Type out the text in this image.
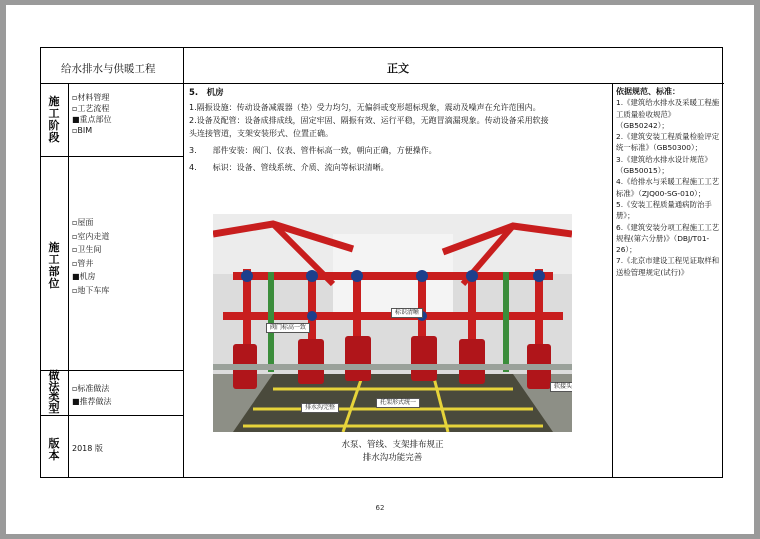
给水排水与供暖工程	正文
施
工
阶
段
▫材料管理
▫工艺流程
■重点部位
▫BIM
施
工
部
位
▫屋面
▫室内走道
▫卫生间
▫管井
■机房
▫地下车库
做
法
类
型
▫标准做法
■推荐做法
版
本
2018 版
5.　机房
1.隔振设施：传动设备减震器（垫）受力均匀，无偏斜或变形超标现象，震动及噪声在允许范围内。
2.设备及配管：设备成排成线，固定牢固、隔振有效、运行平稳，无跑冒滴漏现象。传动设备采用软接
头连接管道，支架安装形式、位置正确。
3.　　部件安装：阀门、仪表、管件标高一致，朝向正确，方便操作。
4.　　标识：设备、管线系统、介质、流向等标识清晰。
阀门标高一致
标识清晰
排水沟完整
托架形式统一
软接头
水泵、管线、支架排布规正
排水沟功能完善
依据规范、标准：
1.《建筑给水排水及采暖工程施工质量验收规范》（GB50242）；
2.《建筑安装工程质量检验评定统一标准》（GB50300）；
3.《建筑给水排水设计规范》（GB50015）；
4.《给排水与采暖工程施工工艺标准》（ZJQ00-SG-010）；
5.《安装工程质量通病防治手册》；
6.《建筑安装分项工程施工工艺规程(第六分册)》（DBJ/T01-26）；
7.《北京市建设工程见证取样和送检管理规定(试行)》
62
